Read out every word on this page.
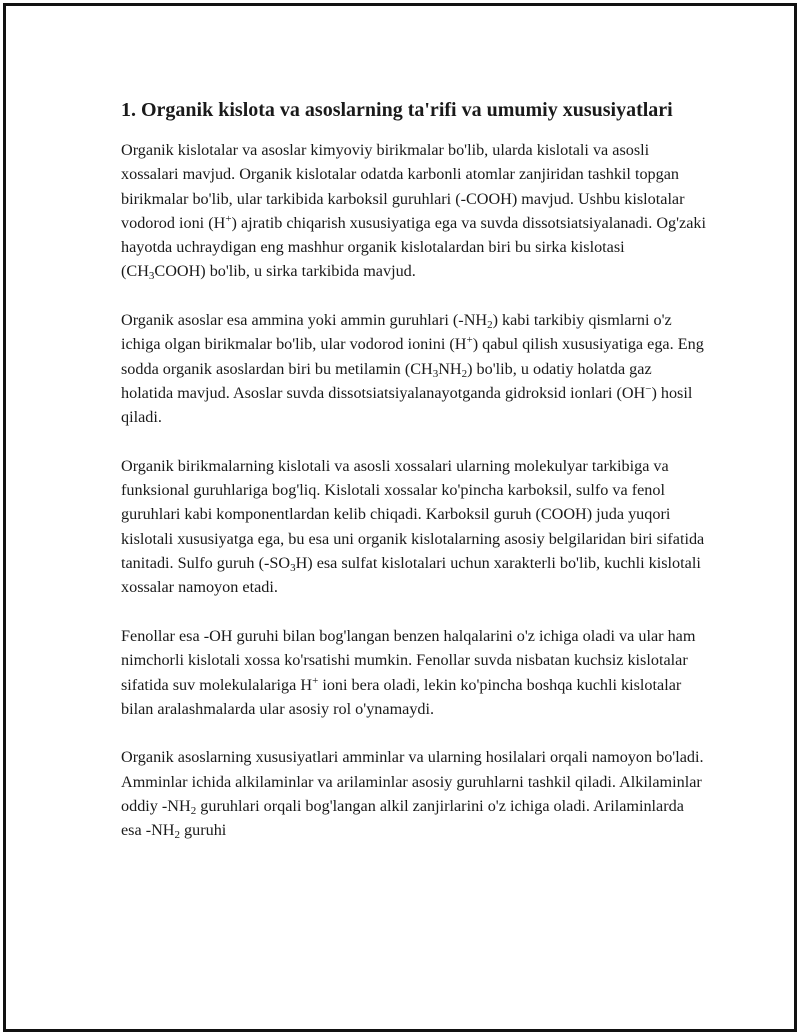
1. Organik kislota va asoslarning ta'rifi va umumiy xususiyatlari

Organik kislotalar va asoslar kimyoviy birikmalar bo'lib, ularda kislotali va asosli xossalari mavjud. Organik kislotalar odatda karbonli atomlar zanjiridan tashkil topgan birikmalar bo'lib, ular tarkibida karboksil guruhlari (-COOH) mavjud. Ushbu kislotalar vodorod ioni (H+) ajratib chiqarish xususiyatiga ega va suvda dissotsiatsiyalanadi. Og'zaki hayotda uchraydigan eng mashhur organik kislotalardan biri bu sirka kislotasi $(CH_3COOH)$ bo'lib, u sirka tarkibida mavjud.

Organik asoslar esa ammina yoki ammin guruhlari $(-NH_2)$ kabi tarkibiy qismlarni o'z ichiga olgan birikmalar bo'lib, ular vodorod ionini (H+) qabul qilish xususiyatiga ega. Eng sodda organik asoslardan biri bu metilamin $(CH_3NH_2)$ bo'lib, u odatiy holatda gaz holatida mavjud. Asoslar suvda dissotsiatsiyalanayotganda gidroksid ionlari (OH−) hosil qiladi.

Organik birikmalarning kislotali va asosli xossalari ularning molekulyar tarkibiga va funksional guruhlariga bog'liq. Kislotali xossalar ko'pincha karboksil, sulfo va fenol guruhlari kabi komponentlardan kelib chiqadi. Karboksil guruh (COOH) juda yuqori kislotali xususiyatga ega, bu esa uni organik kislotalarning asosiy belgilaridan biri sifatida tanitadi. Sulfo guruh $(-SO_3H)$ esa sulfat kislotalari uchun xarakterli bo'lib, kuchli kislotali xossalar namoyon etadi.

Fenollar esa -OH guruhi bilan bog'langan benzen halqalarini o'z ichiga oladi va ular ham nimchorli kislotali xossa ko'rsatishi mumkin. Fenollar suvda nisbatan kuchsiz kislotalar sifatida suv molekulalariga H+ ioni bera oladi, lekin ko'pincha boshqa kuchli kislotalar bilan aralashmalarda ular asosiy rol o'ynamaydi.

Organik asoslarning xususiyatlari amminlar va ularning hosilalari orqali namoyon bo'ladi. Amminlar ichida alkilaminlar va arilaminlar asosiy guruhlarni tashkil qiladi. Alkilaminlar oddiy $-NH_2$ guruhlari orqali bog'langan alkil zanjirlarini o'z ichiga oladi. Arilaminlarda esa $-NH_2$ guruhi
